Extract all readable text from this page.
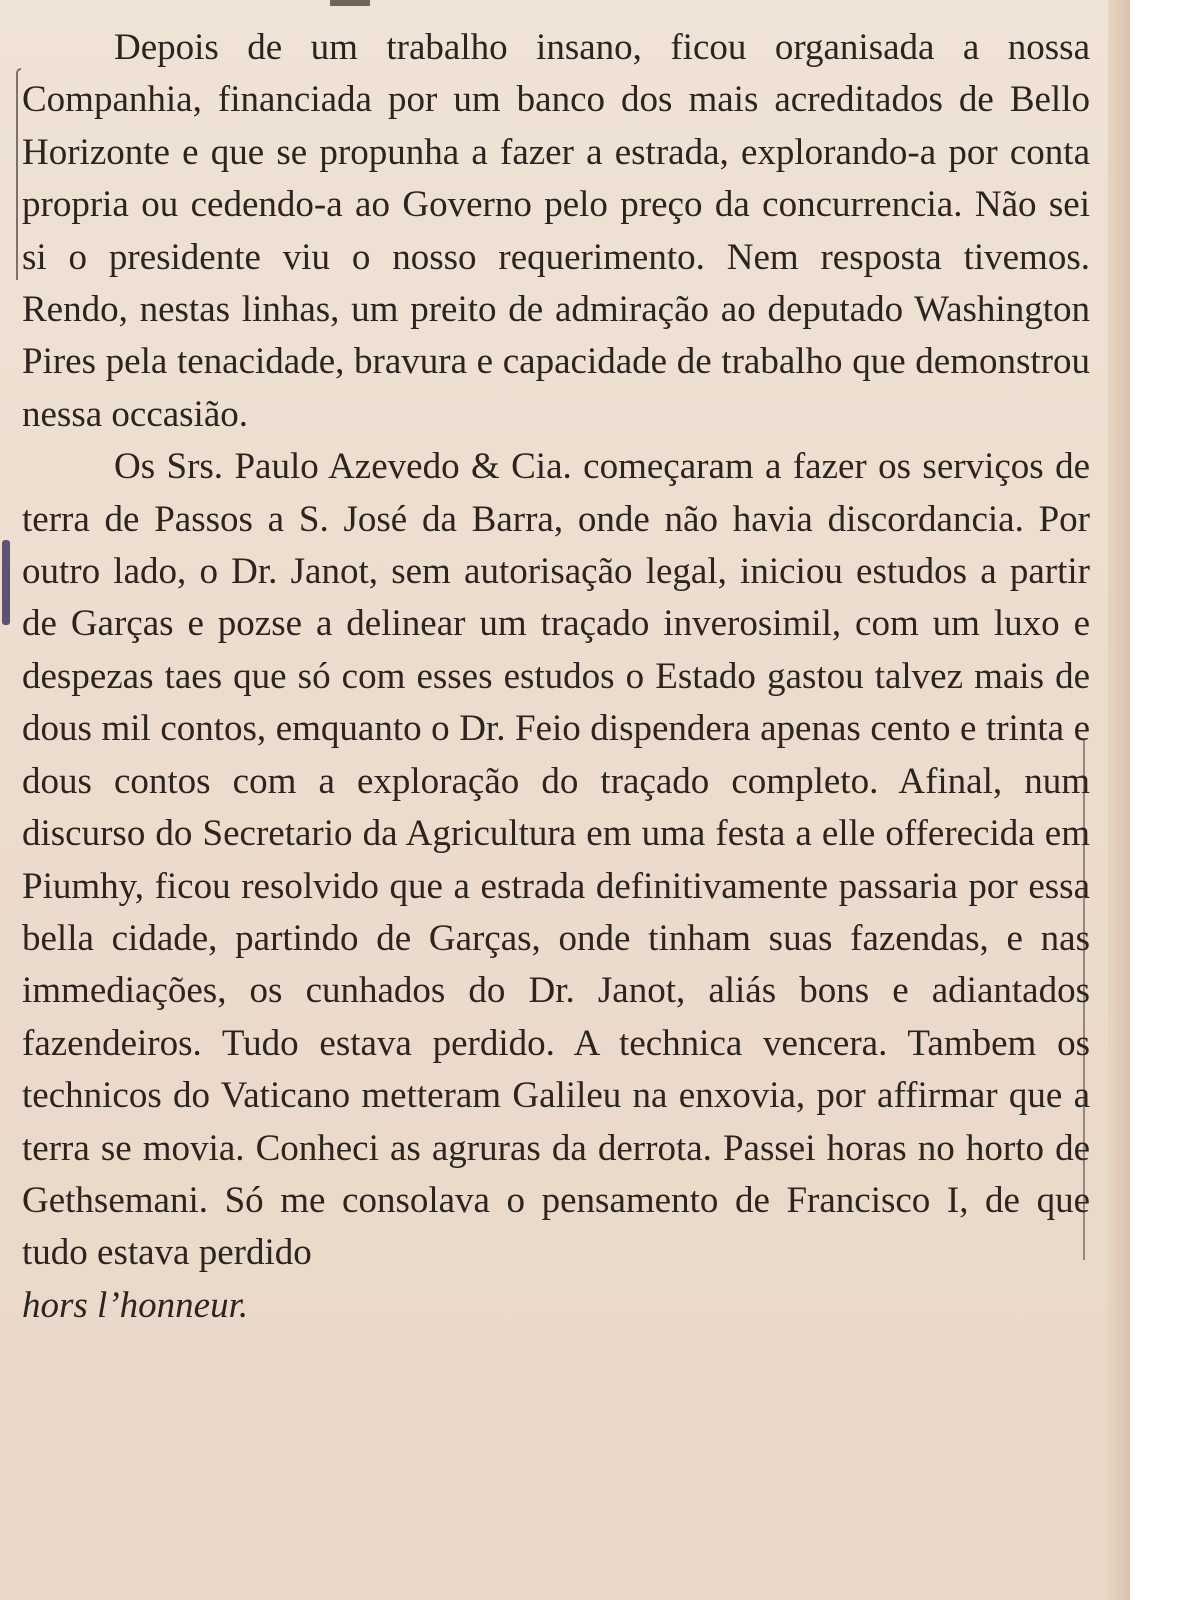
Depois de um trabalho insano, ficou organisada a nossa Companhia, financiada por um banco dos mais acreditados de Bello Horizonte e que se propunha a fazer a estrada, explorando-a por conta propria ou cedendo-a ao Governo pelo preço da concurrencia. Não sei si o presidente viu o nosso requerimento. Nem resposta tivemos. Rendo, nestas linhas, um preito de admiração ao deputado Washington Pires pela tenacidade, bravura e capacidade de trabalho que demonstrou nessa occasião.

Os Srs. Paulo Azevedo & Cia. começaram a fazer os serviços de terra de Passos a S. José da Barra, onde não havia discordancia. Por outro lado, o Dr. Janot, sem autorisação legal, iniciou estudos a partir de Garças e pozse a delinear um traçado inverosimil, com um luxo e despezas taes que só com esses estudos o Estado gastou talvez mais de dous mil contos, emquanto o Dr. Feio dispendera apenas cento e trinta e dous contos com a exploração do traçado completo. Afinal, num discurso do Secretario da Agricultura em uma festa a elle offerecida em Piumhy, ficou resolvido que a estrada definitivamente passaria por essa bella cidade, partindo de Garças, onde tinham suas fazendas, e nas immediações, os cunhados do Dr. Janot, aliás bons e adiantados fazendeiros. Tudo estava perdido. A technica vencera. Tambem os technicos do Vaticano metteram Galileu na enxovia, por affirmar que a terra se movia. Conheci as agruras da derrota. Passei horas no horto de Gethsemani. Só me consolava o pensamento de Francisco I, de que tudo estava perdido
hors l’honneur.
